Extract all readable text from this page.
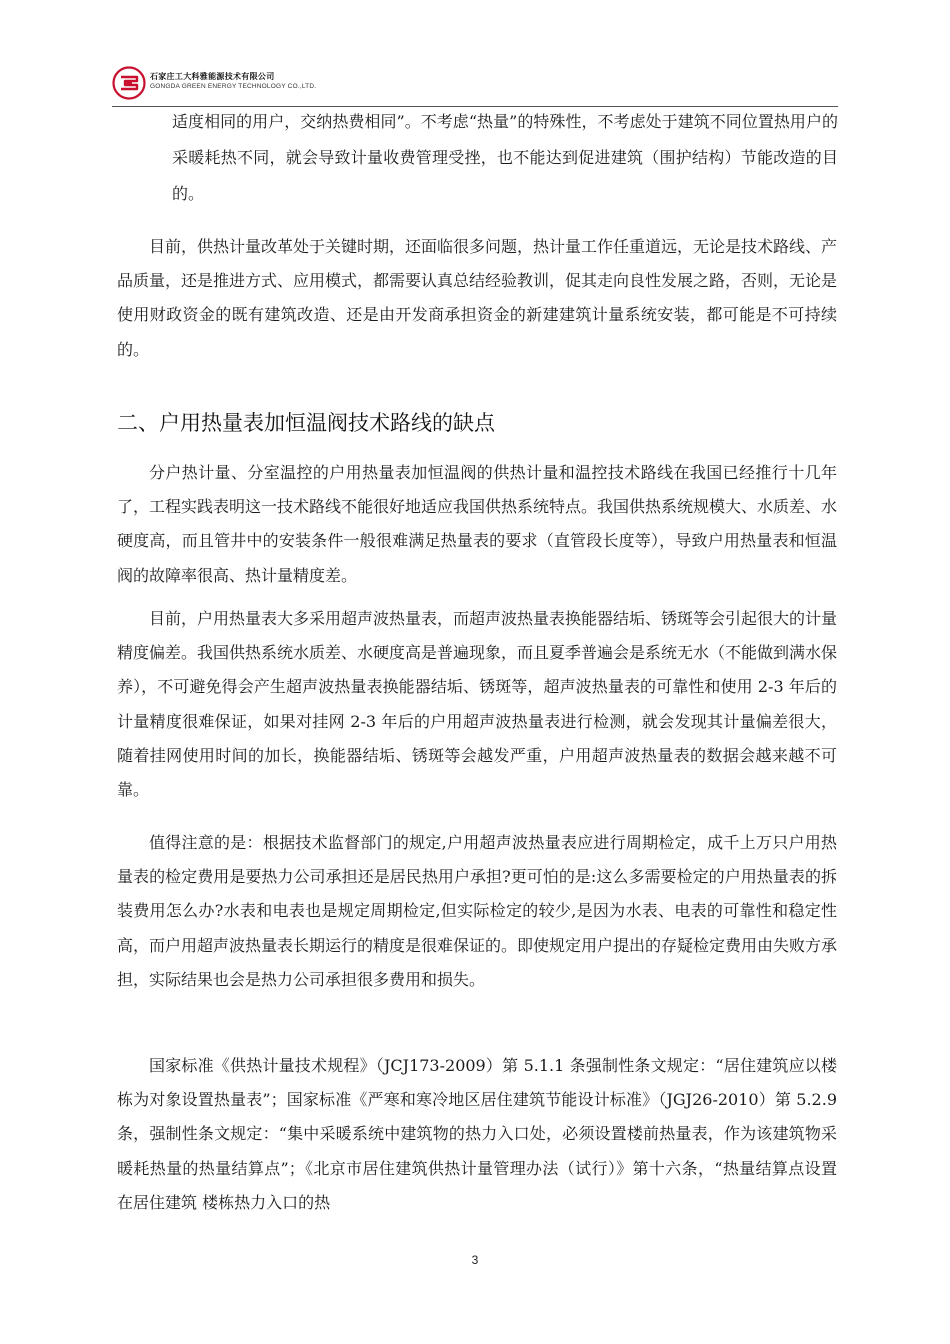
石家庄工大科雅能源技术有限公司
GONGDA GREEN ENERGY TECHNOLOGY CO.,LTD.

适度相同的用户，交纳热费相同”。不考虑“热量”的特殊性，不考虑处于建筑不同位置热用户的采暖耗热不同，就会导致计量收费管理受挫，也不能达到促进建筑（围护结构）节能改造的目的。

目前，供热计量改革处于关键时期，还面临很多问题，热计量工作任重道远，无论是技术路线、产品质量，还是推进方式、应用模式，都需要认真总结经验教训，促其走向良性发展之路，否则，无论是使用财政资金的既有建筑改造、还是由开发商承担资金的新建建筑计量系统安装，都可能是不可持续的。

二、户用热量表加恒温阀技术路线的缺点

分户热计量、分室温控的户用热量表加恒温阀的供热计量和温控技术路线在我国已经推行十几年了，工程实践表明这一技术路线不能很好地适应我国供热系统特点。我国供热系统规模大、水质差、水硬度高，而且管井中的安装条件一般很难满足热量表的要求（直管段长度等），导致户用热量表和恒温阀的故障率很高、热计量精度差。

目前，户用热量表大多采用超声波热量表，而超声波热量表换能器结垢、锈斑等会引起很大的计量精度偏差。我国供热系统水质差、水硬度高是普遍现象，而且夏季普遍会是系统无水（不能做到满水保养），不可避免得会产生超声波热量表换能器结垢、锈斑等，超声波热量表的可靠性和使用 2-3 年后的计量精度很难保证，如果对挂网 2-3 年后的户用超声波热量表进行检测，就会发现其计量偏差很大，随着挂网使用时间的加长，换能器结垢、锈斑等会越发严重，户用超声波热量表的数据会越来越不可靠。

值得注意的是：根据技术监督部门的规定,户用超声波热量表应进行周期检定，成千上万只户用热量表的检定费用是要热力公司承担还是居民热用户承担?更可怕的是:这么多需要检定的户用热量表的拆装费用怎么办?水表和电表也是规定周期检定,但实际检定的较少,是因为水表、电表的可靠性和稳定性高，而户用超声波热量表长期运行的精度是很难保证的。即使规定用户提出的存疑检定费用由失败方承担，实际结果也会是热力公司承担很多费用和损失。

国家标准《供热计量技术规程》（JCJ173-2009）第 5.1.1 条强制性条文规定：“居住建筑应以楼栋为对象设置热量表”；国家标准《严寒和寒冷地区居住建筑节能设计标准》（JGJ26-2010）第 5.2.9 条，强制性条文规定：“集中采暖系统中建筑物的热力入口处，必须设置楼前热量表，作为该建筑物采暖耗热量的热量结算点”；《北京市居住建筑供热计量管理办法（试行）》第十六条，“热量结算点设置在居住建筑 楼栋热力入口的热

3
